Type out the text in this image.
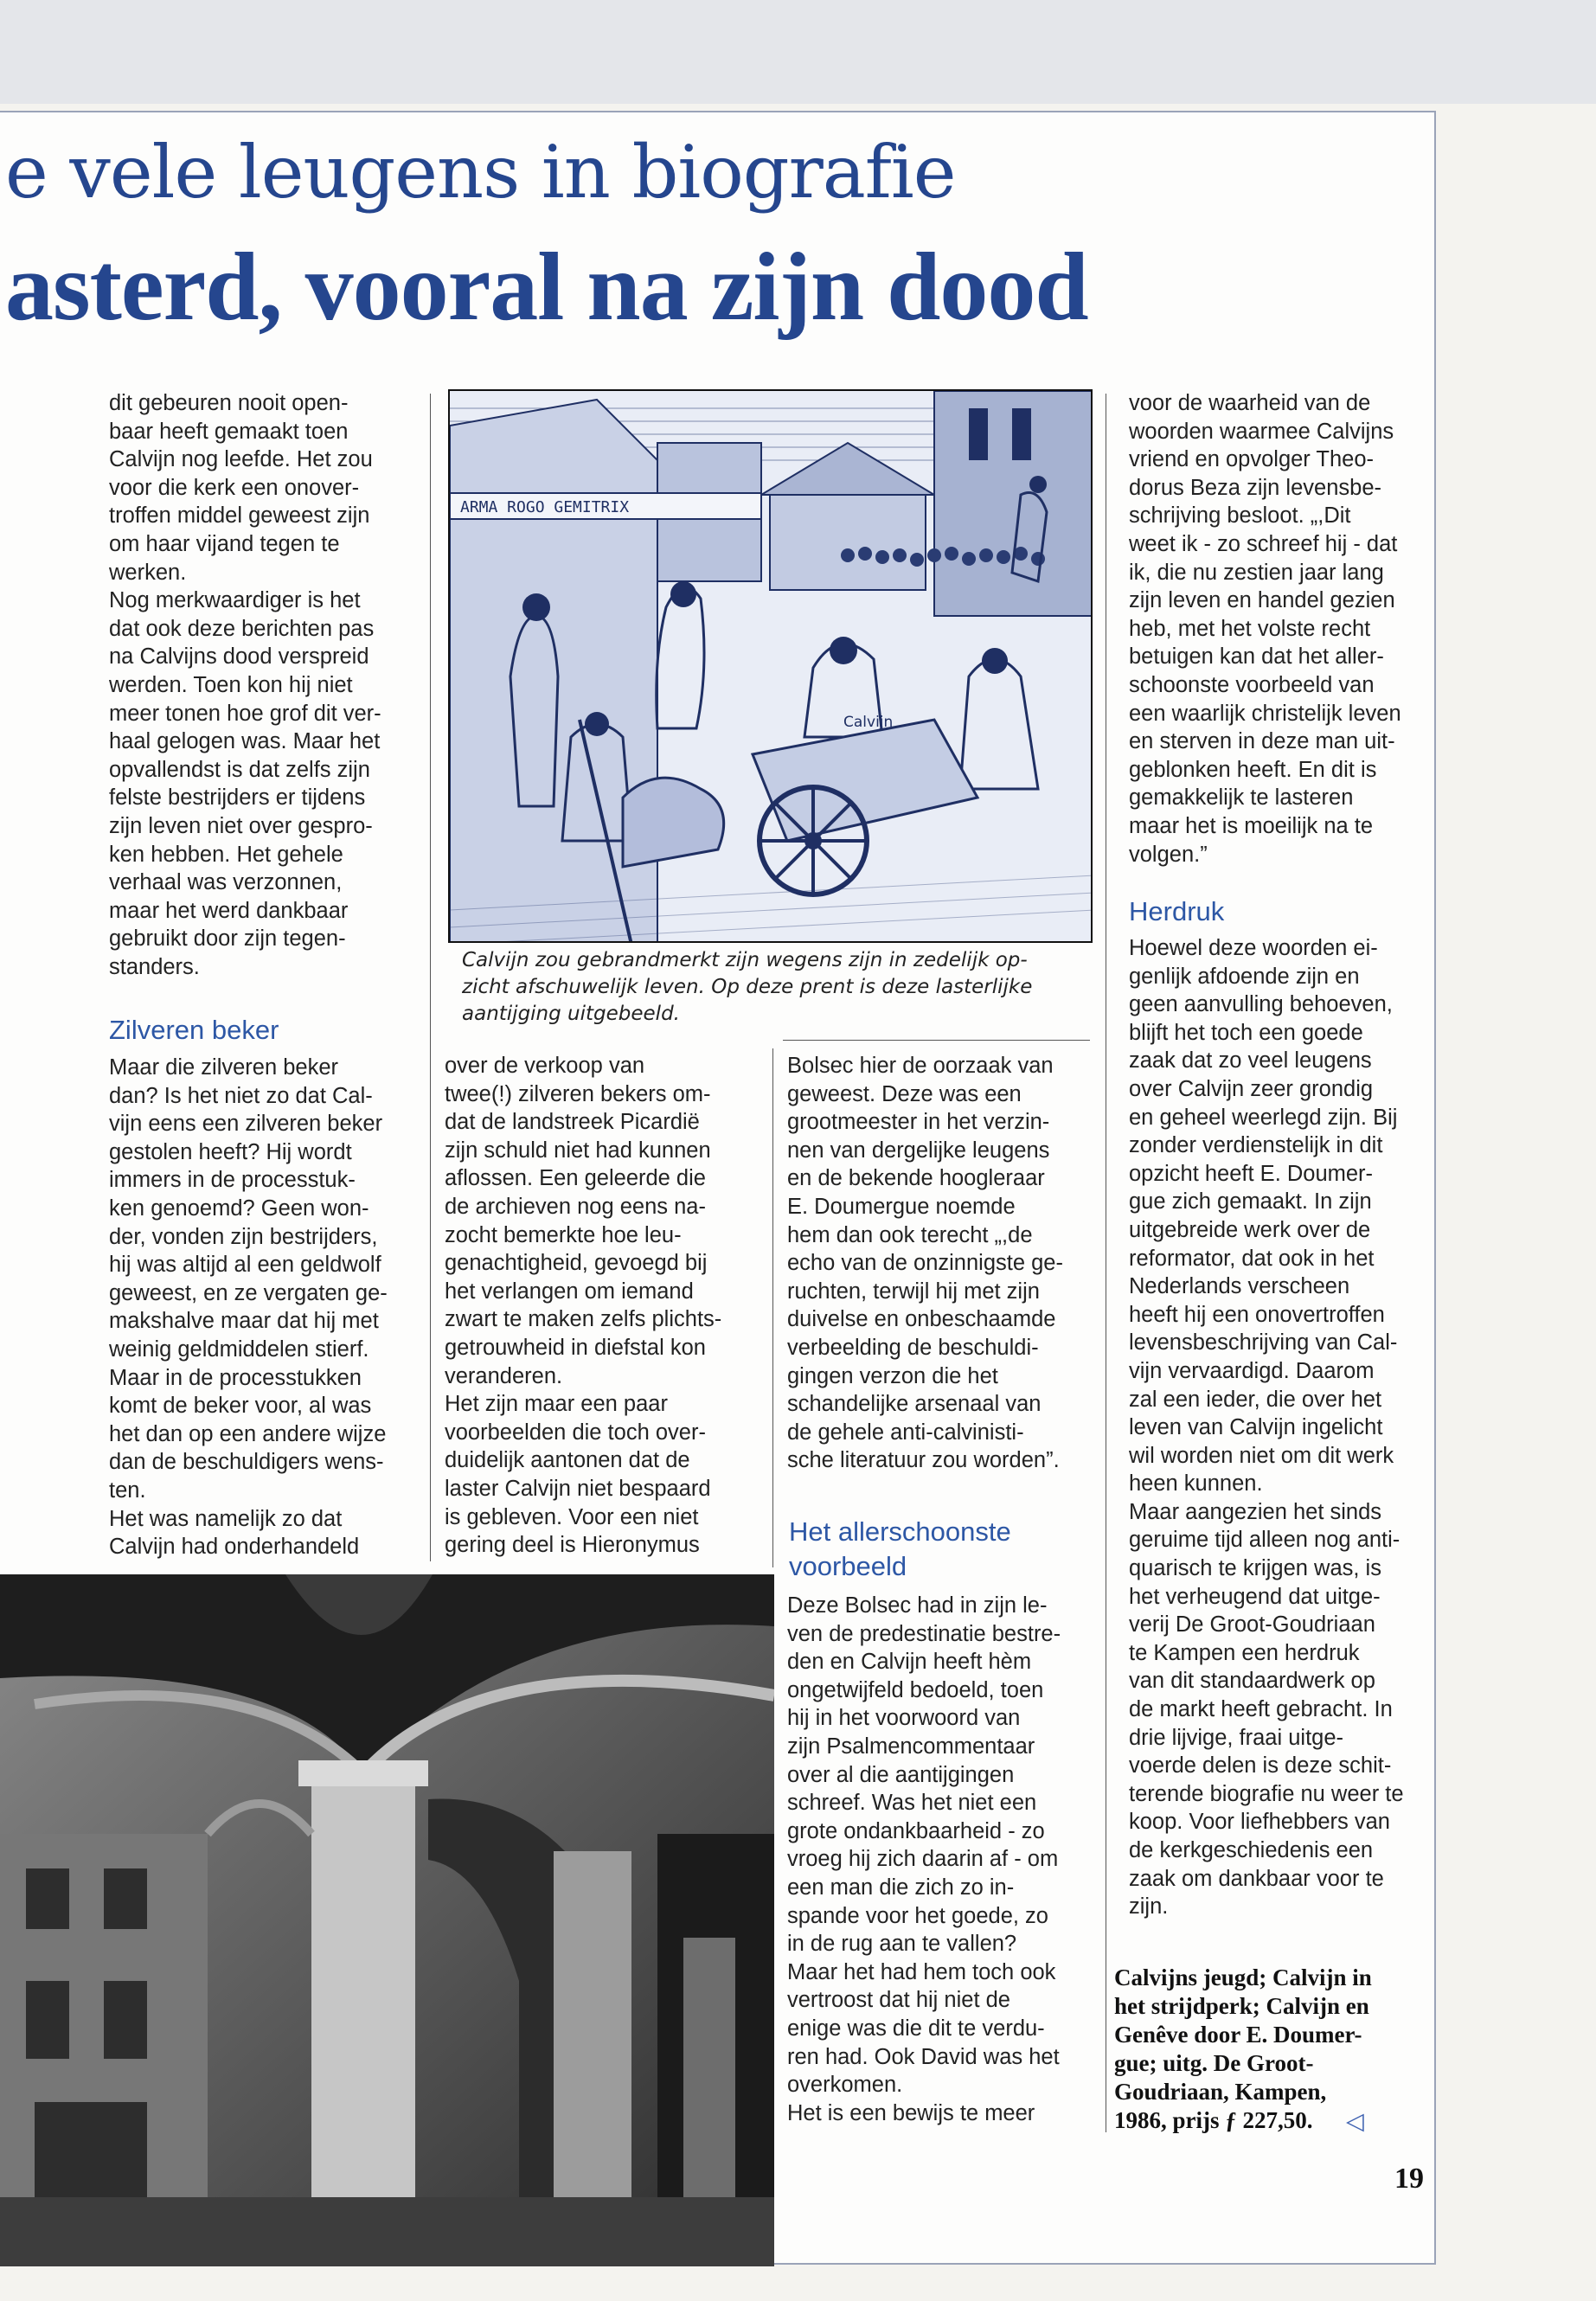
e vele leugens in biografie
asterd, vooral na zijn dood

dit gebeuren nooit open-

baar heeft gemaakt toen

Calvijn nog leefde. Het zou

voor die kerk een onover-

troffen middel geweest zijn

om haar vijand tegen te

werken.

Nog merkwaardiger is het

dat ook deze berichten pas

na Calvijns dood verspreid

werden. Toen kon hij niet

meer tonen hoe grof dit ver-

haal gelogen was. Maar het

opvallendst is dat zelfs zijn

felste bestrijders er tijdens

zijn leven niet over gespro-

ken hebben. Het gehele

verhaal was verzonnen,

maar het werd dankbaar

gebruikt door zijn tegen-

standers.

Zilveren beker

Maar die zilveren beker

dan? Is het niet zo dat Cal-

vijn eens een zilveren beker

gestolen heeft? Hij wordt

immers in de processtuk-

ken genoemd? Geen won-

der, vonden zijn bestrijders,

hij was altijd al een geldwolf

geweest, en ze vergaten ge-

makshalve maar dat hij met

weinig geldmiddelen stierf.

Maar in de processtukken

komt de beker voor, al was

het dan op een andere wijze

dan de beschuldigers wens-

ten.

Het was namelijk zo dat

Calvijn had onderhandeld

ARMA ROGO GEMITRIX
Calvijn

Calvijn zou gebrandmerkt zijn wegens zijn in zedelijk op-

zicht afschuwelijk leven. Op deze prent is deze lasterlijke

aantijging uitgebeeld.

over de verkoop van

twee(!) zilveren bekers om-

dat de landstreek Picardië

zijn schuld niet had kunnen

aflossen. Een geleerde die

de archieven nog eens na-

zocht bemerkte hoe leu-

genachtigheid, gevoegd bij

het verlangen om iemand

zwart te maken zelfs plichts-

getrouwheid in diefstal kon

veranderen.

Het zijn maar een paar

voorbeelden die toch over-

duidelijk aantonen dat de

laster Calvijn niet bespaard

is gebleven. Voor een niet

gering deel is Hieronymus

Bolsec hier de oorzaak van

geweest. Deze was een

grootmeester in het verzin-

nen van dergelijke leugens

en de bekende hoogleraar

E. Doumergue noemde

hem dan ook terecht „,de

echo van de onzinnigste ge-

ruchten, terwijl hij met zijn

duivelse en onbeschaamde

verbeelding de beschuldi-

gingen verzon die het

schandelijke arsenaal van

de gehele anti-calvinisti-

sche literatuur zou worden”.

Het allerschoonste
voorbeeld

Deze Bolsec had in zijn le-

ven de predestinatie bestre-

den en Calvijn heeft hèm

ongetwijfeld bedoeld, toen

hij in het voorwoord van

zijn Psalmencommentaar

over al die aantijgingen

schreef. Was het niet een

grote ondankbaarheid - zo

vroeg hij zich daarin af - om

een man die zich zo in-

spande voor het goede, zo

in de rug aan te vallen?

Maar het had hem toch ook

vertroost dat hij niet de

enige was die dit te verdu-

ren had. Ook David was het

overkomen.

Het is een bewijs te meer

voor de waarheid van de

woorden waarmee Calvijns

vriend en opvolger Theo-

dorus Beza zijn levensbe-

schrijving besloot. „,Dit

weet ik - zo schreef hij - dat

ik, die nu zestien jaar lang

zijn leven en handel gezien

heb, met het volste recht

betuigen kan dat het aller-

schoonste voorbeeld van

een waarlijk christelijk leven

en sterven in deze man uit-

geblonken heeft. En dit is

gemakkelijk te lasteren

maar het is moeilijk na te

volgen.”

Herdruk

Hoewel deze woorden ei-

genlijk afdoende zijn en

geen aanvulling behoeven,

blijft het toch een goede

zaak dat zo veel leugens

over Calvijn zeer grondig

en geheel weerlegd zijn. Bij

zonder verdienstelijk in dit

opzicht heeft E. Doumer-

gue zich gemaakt. In zijn

uitgebreide werk over de

reformator, dat ook in het

Nederlands verscheen

heeft hij een onovertroffen

levensbeschrijving van Cal-

vijn vervaardigd. Daarom

zal een ieder, die over het

leven van Calvijn ingelicht

wil worden niet om dit werk

heen kunnen.

Maar aangezien het sinds

geruime tijd alleen nog anti-

quarisch te krijgen was, is

het verheugend dat uitge-

verij De Groot-Goudriaan

te Kampen een herdruk

van dit standaardwerk op

de markt heeft gebracht. In

drie lijvige, fraai uitge-

voerde delen is deze schit-

terende biografie nu weer te

koop. Voor liefhebbers van

de kerkgeschiedenis een

zaak om dankbaar voor te

zijn.

Calvijns jeugd; Calvijn in

het strijdperk; Calvijn en

Genêve door E. Doumer-

gue; uitg. De Groot-

Goudriaan, Kampen,

1986, prijs ƒ 227,50.	◁
19
